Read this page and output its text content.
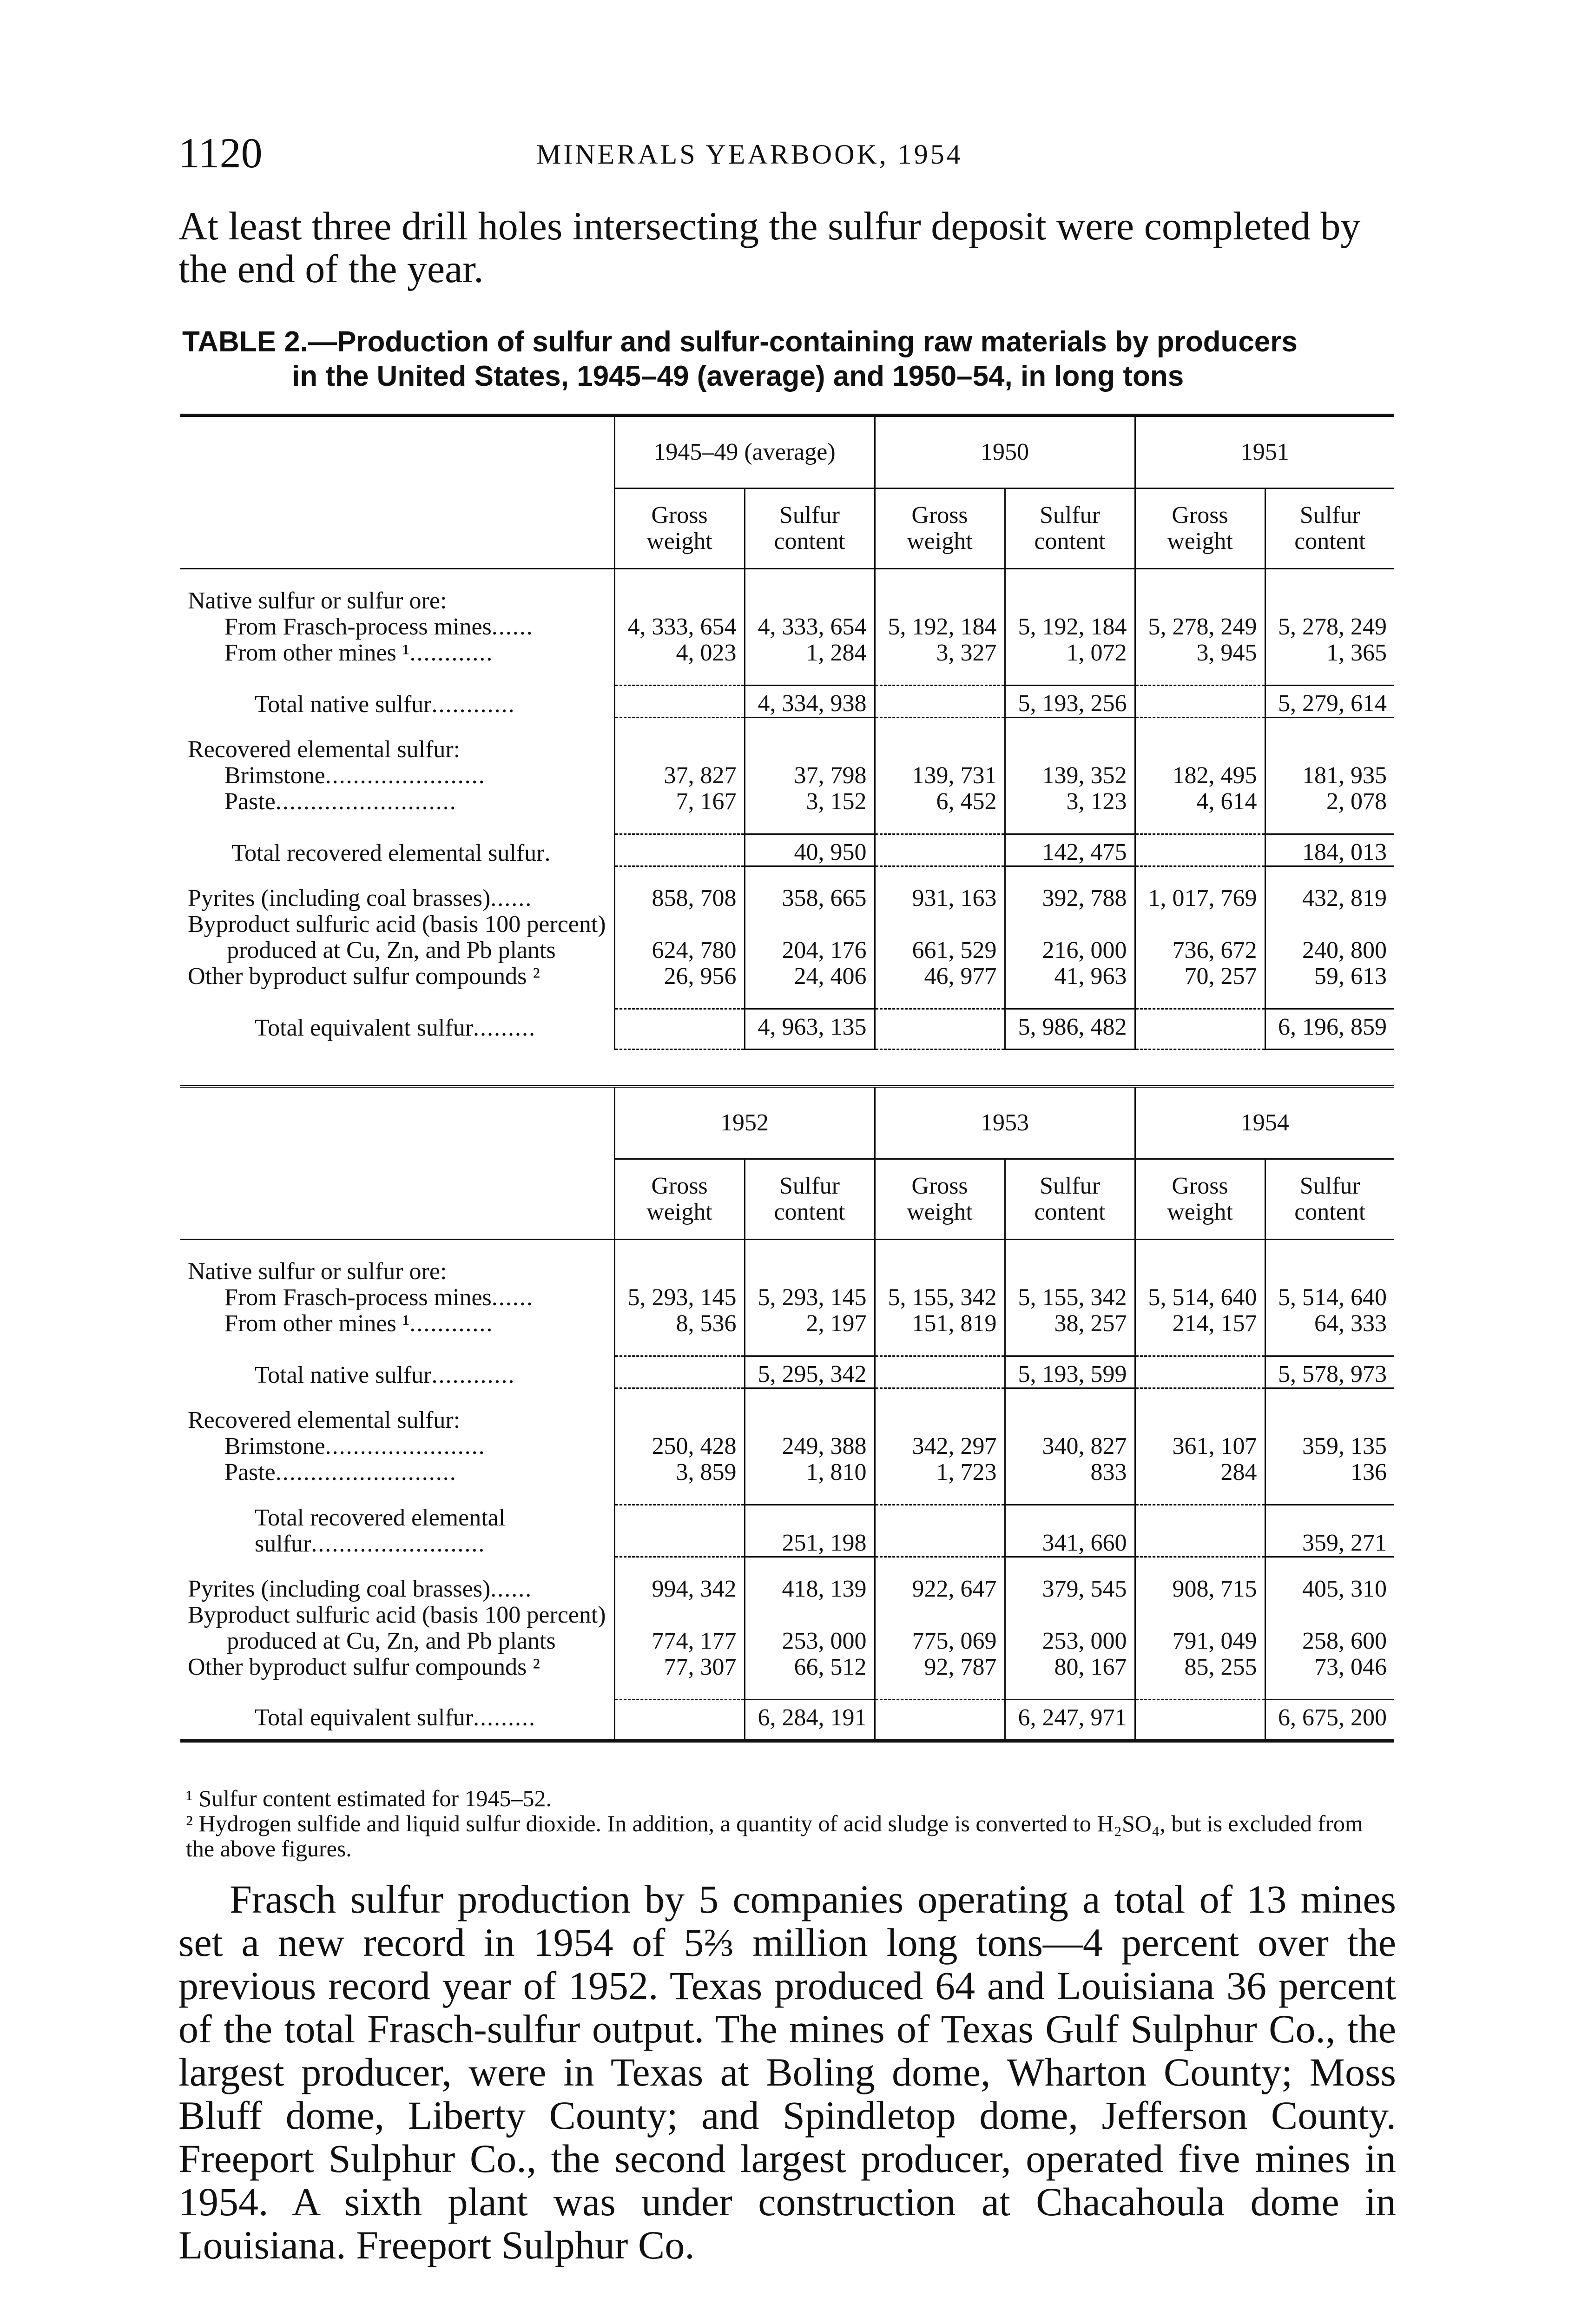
1120	MINERALS YEARBOOK, 1954
At least three drill holes intersecting the sulfur deposit were completed by the end of the year.
TABLE 2.—Production of sulfur and sulfur-containing raw materials by producers
in the United States, 1945–49 (average) and 1950–54, in long tons
	1945–49 (average)		1950		1951	
	Gross weight	Sulfur content	Gross weight	Sulfur content	Gross weight	Sulfur content

Native sulfur or sulfur ore:						
From Frasch-process mines......	4, 333, 654	4, 333, 654	5, 192, 184	5, 192, 184	5, 278, 249	5, 278, 249
From other mines ¹............	4, 023	1, 284	3, 327	1, 072	3, 945	1, 365

Total native sulfur............		4, 334, 938		5, 193, 256		5, 279, 614

Recovered elemental sulfur:						
Brimstone.......................	37, 827	37, 798	139, 731	139, 352	182, 495	181, 935
Paste..........................	7, 167	3, 152	6, 452	3, 123	4, 614	2, 078

Total recovered elemental sulfur.		40, 950		142, 475		184, 013

Pyrites (including coal brasses)......	858, 708	358, 665	931, 163	392, 788	1, 017, 769	432, 819
Byproduct sulfuric acid (basis 100 percent) produced at Cu, Zn, and Pb plants	624, 780	204, 176	661, 529	216, 000	736, 672	240, 800
Other byproduct sulfur compounds ²	26, 956	24, 406	46, 977	41, 963	70, 257	59, 613

Total equivalent sulfur.........		4, 963, 135		5, 986, 482		6, 196, 859
	1952		1953		1954	
	Gross weight	Sulfur content	Gross weight	Sulfur content	Gross weight	Sulfur content

Native sulfur or sulfur ore:						
From Frasch-process mines......	5, 293, 145	5, 293, 145	5, 155, 342	5, 155, 342	5, 514, 640	5, 514, 640
From other mines ¹............	8, 536	2, 197	151, 819	38, 257	214, 157	64, 333

Total native sulfur............		5, 295, 342		5, 193, 599		5, 578, 973

Recovered elemental sulfur:						
Brimstone.......................	250, 428	249, 388	342, 297	340, 827	361, 107	359, 135
Paste..........................	3, 859	1, 810	1, 723	833	284	136

Total recovered elemental sulfur.........................		251, 198		341, 660		359, 271

Pyrites (including coal brasses)......	994, 342	418, 139	922, 647	379, 545	908, 715	405, 310
Byproduct sulfuric acid (basis 100 percent) produced at Cu, Zn, and Pb plants	774, 177	253, 000	775, 069	253, 000	791, 049	258, 600
Other byproduct sulfur compounds ²	77, 307	66, 512	92, 787	80, 167	85, 255	73, 046

Total equivalent sulfur.........		6, 284, 191		6, 247, 971		6, 675, 200
¹ Sulfur content estimated for 1945–52.
² Hydrogen sulfide and liquid sulfur dioxide. In addition, a quantity of acid sludge is converted to H₂SO₄, but is excluded from the above figures.
Frasch sulfur production by 5 companies operating a total of 13 mines set a new record in 1954 of 5⅔ million long tons—4 percent over the previous record year of 1952. Texas produced 64 and Louisiana 36 percent of the total Frasch-sulfur output. The mines of Texas Gulf Sulphur Co., the largest producer, were in Texas at Boling dome, Wharton County; Moss Bluff dome, Liberty County; and Spindletop dome, Jefferson County. Freeport Sulphur Co., the second largest producer, operated five mines in 1954. A sixth plant was under construction at Chacahoula dome in Louisiana. Freeport Sulphur Co.
